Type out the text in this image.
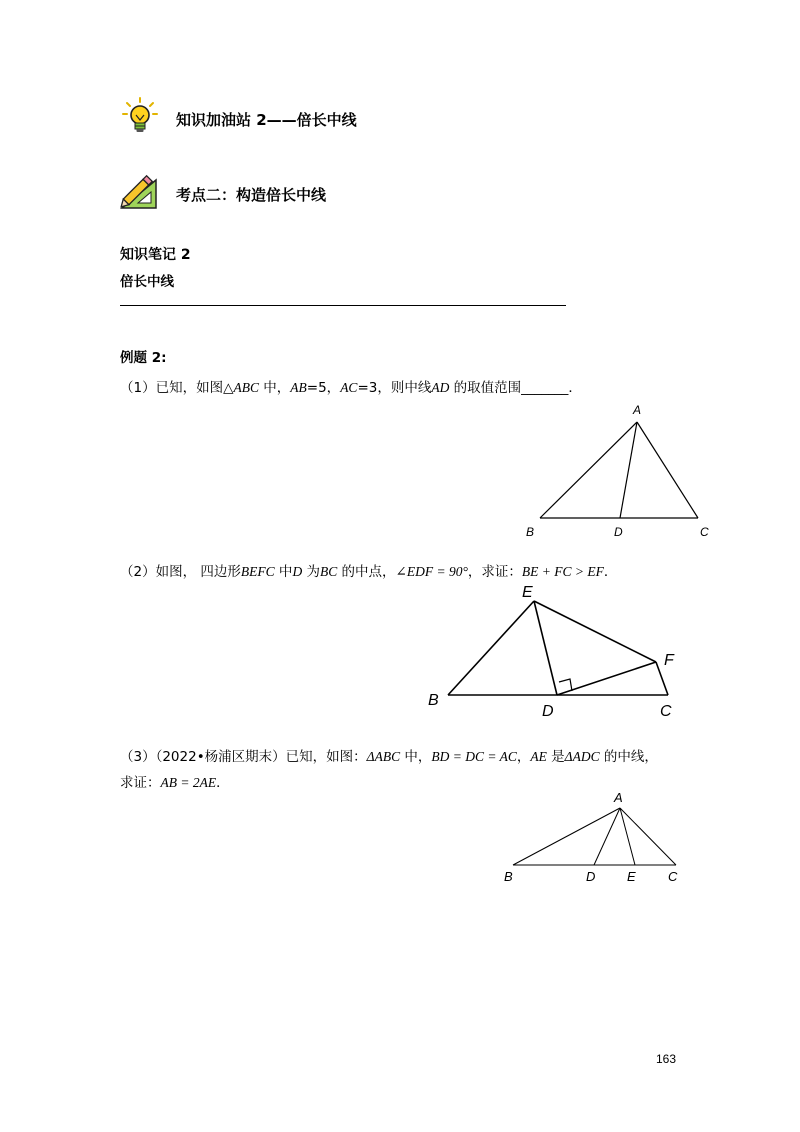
知识加油站 2——倍长中线
考点二：构造倍长中线
知识笔记 2
倍长中线
例题 2:
（1）已知，如图△ABC 中，AB=5，AC=3，则中线AD 的取值范围_______．
A
B	D	C
（2）如图， 四边形BEFC 中D 为BC 的中点，∠EDF = 90°，求证：BE + FC > EF．
E
F
B
D	C
（3）（2022•杨浦区期末）已知，如图：ΔABC 中，BD = DC = AC，AE 是ΔADC 的中线，
求证：AB = 2AE．
A
B	D E C
163
